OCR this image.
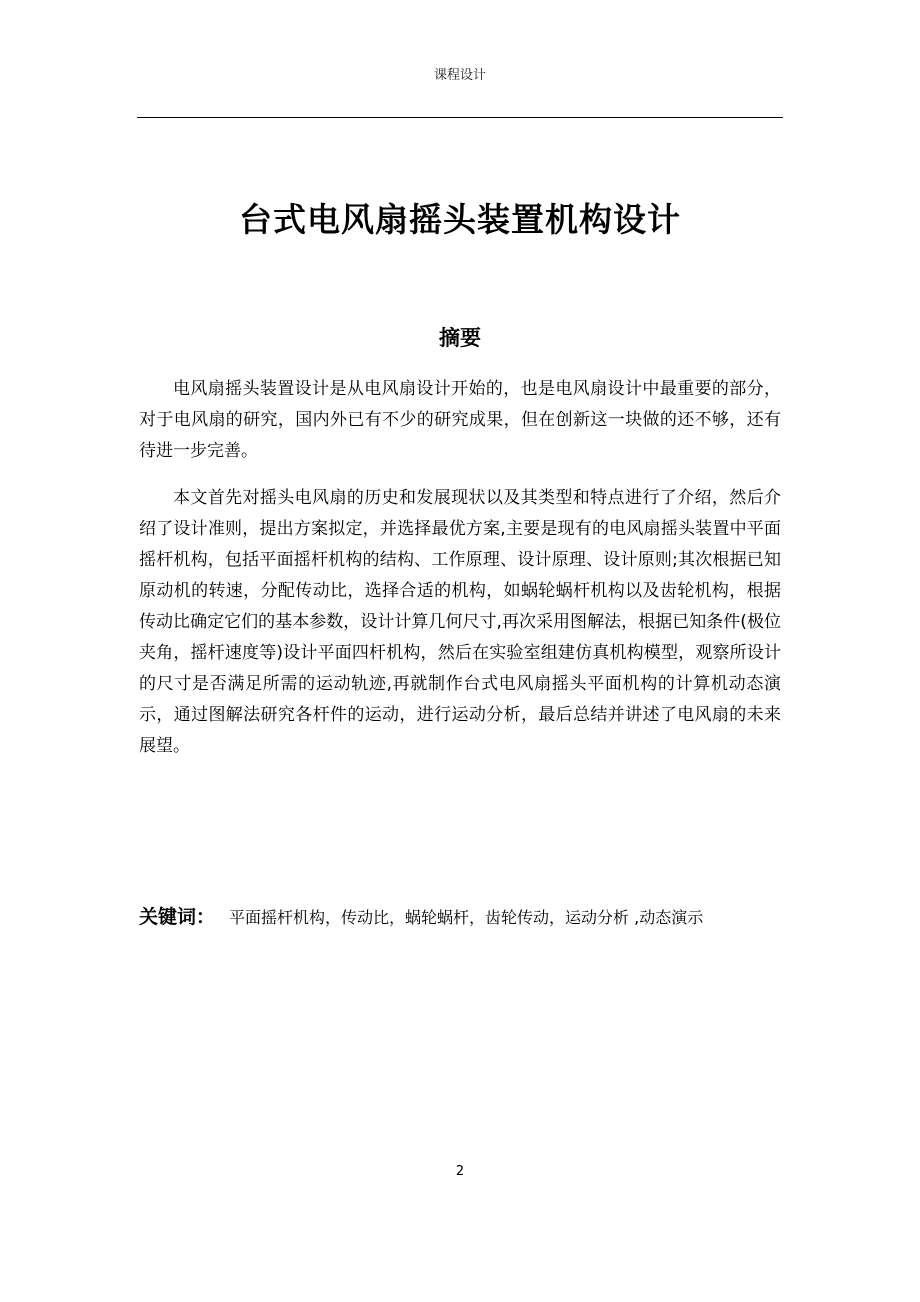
课程设计
台式电风扇摇头装置机构设计
摘要

电风扇摇头装置设计是从电风扇设计开始的，也是电风扇设计中最重要的部分，对于电风扇的研究，国内外已有不少的研究成果，但在创新这一块做的还不够，还有待进一步完善。

本文首先对摇头电风扇的历史和发展现状以及其类型和特点进行了介绍，然后介绍了设计准则，提出方案拟定，并选择最优方案,主要是现有的电风扇摇头装置中平面摇杆机构，包括平面摇杆机构的结构、工作原理、设计原理、设计原则;其次根据已知原动机的转速，分配传动比，选择合适的机构，如蜗轮蜗杆机构以及齿轮机构，根据传动比确定它们的基本参数，设计计算几何尺寸,再次采用图解法，根据已知条件(极位夹角，摇杆速度等)设计平面四杆机构，然后在实验室组建仿真机构模型，观察所设计的尺寸是否满足所需的运动轨迹,再就制作台式电风扇摇头平面机构的计算机动态演示，通过图解法研究各杆件的运动，进行运动分析，最后总结并讲述了电风扇的未来展望。

关键词： 平面摇杆机构，传动比，蜗轮蜗杆，齿轮传动，运动分析 ,动态演示
2
